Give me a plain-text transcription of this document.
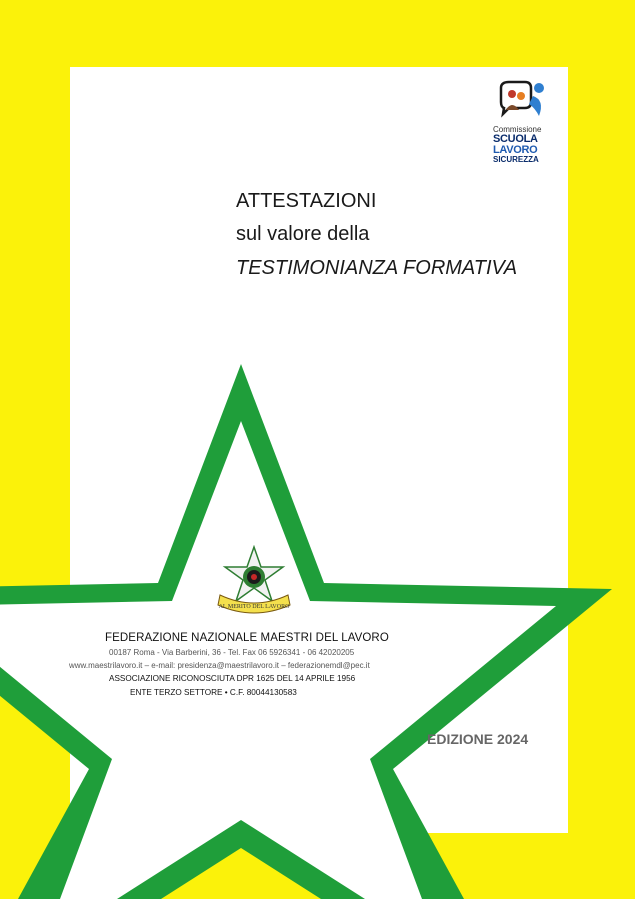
Commissione
SCUOLA
LAVORO
SICUREZZA
ATTESTAZIONI
sul valore della
TESTIMONIANZA FORMATIVA
AL MERITO DEL LAVORO
FEDERAZIONE NAZIONALE MAESTRI DEL LAVORO
00187 Roma - Via Barberini, 36 - Tel. Fax 06 5926341 - 06 42020205
www.maestrilavoro.it – e-mail: presidenza@maestrilavoro.it – federazionemdl@pec.it
ASSOCIAZIONE RICONOSCIUTA DPR 1625 DEL 14 APRILE 1956
ENTE TERZO SETTORE • C.F. 80044130583
EDIZIONE 2024
